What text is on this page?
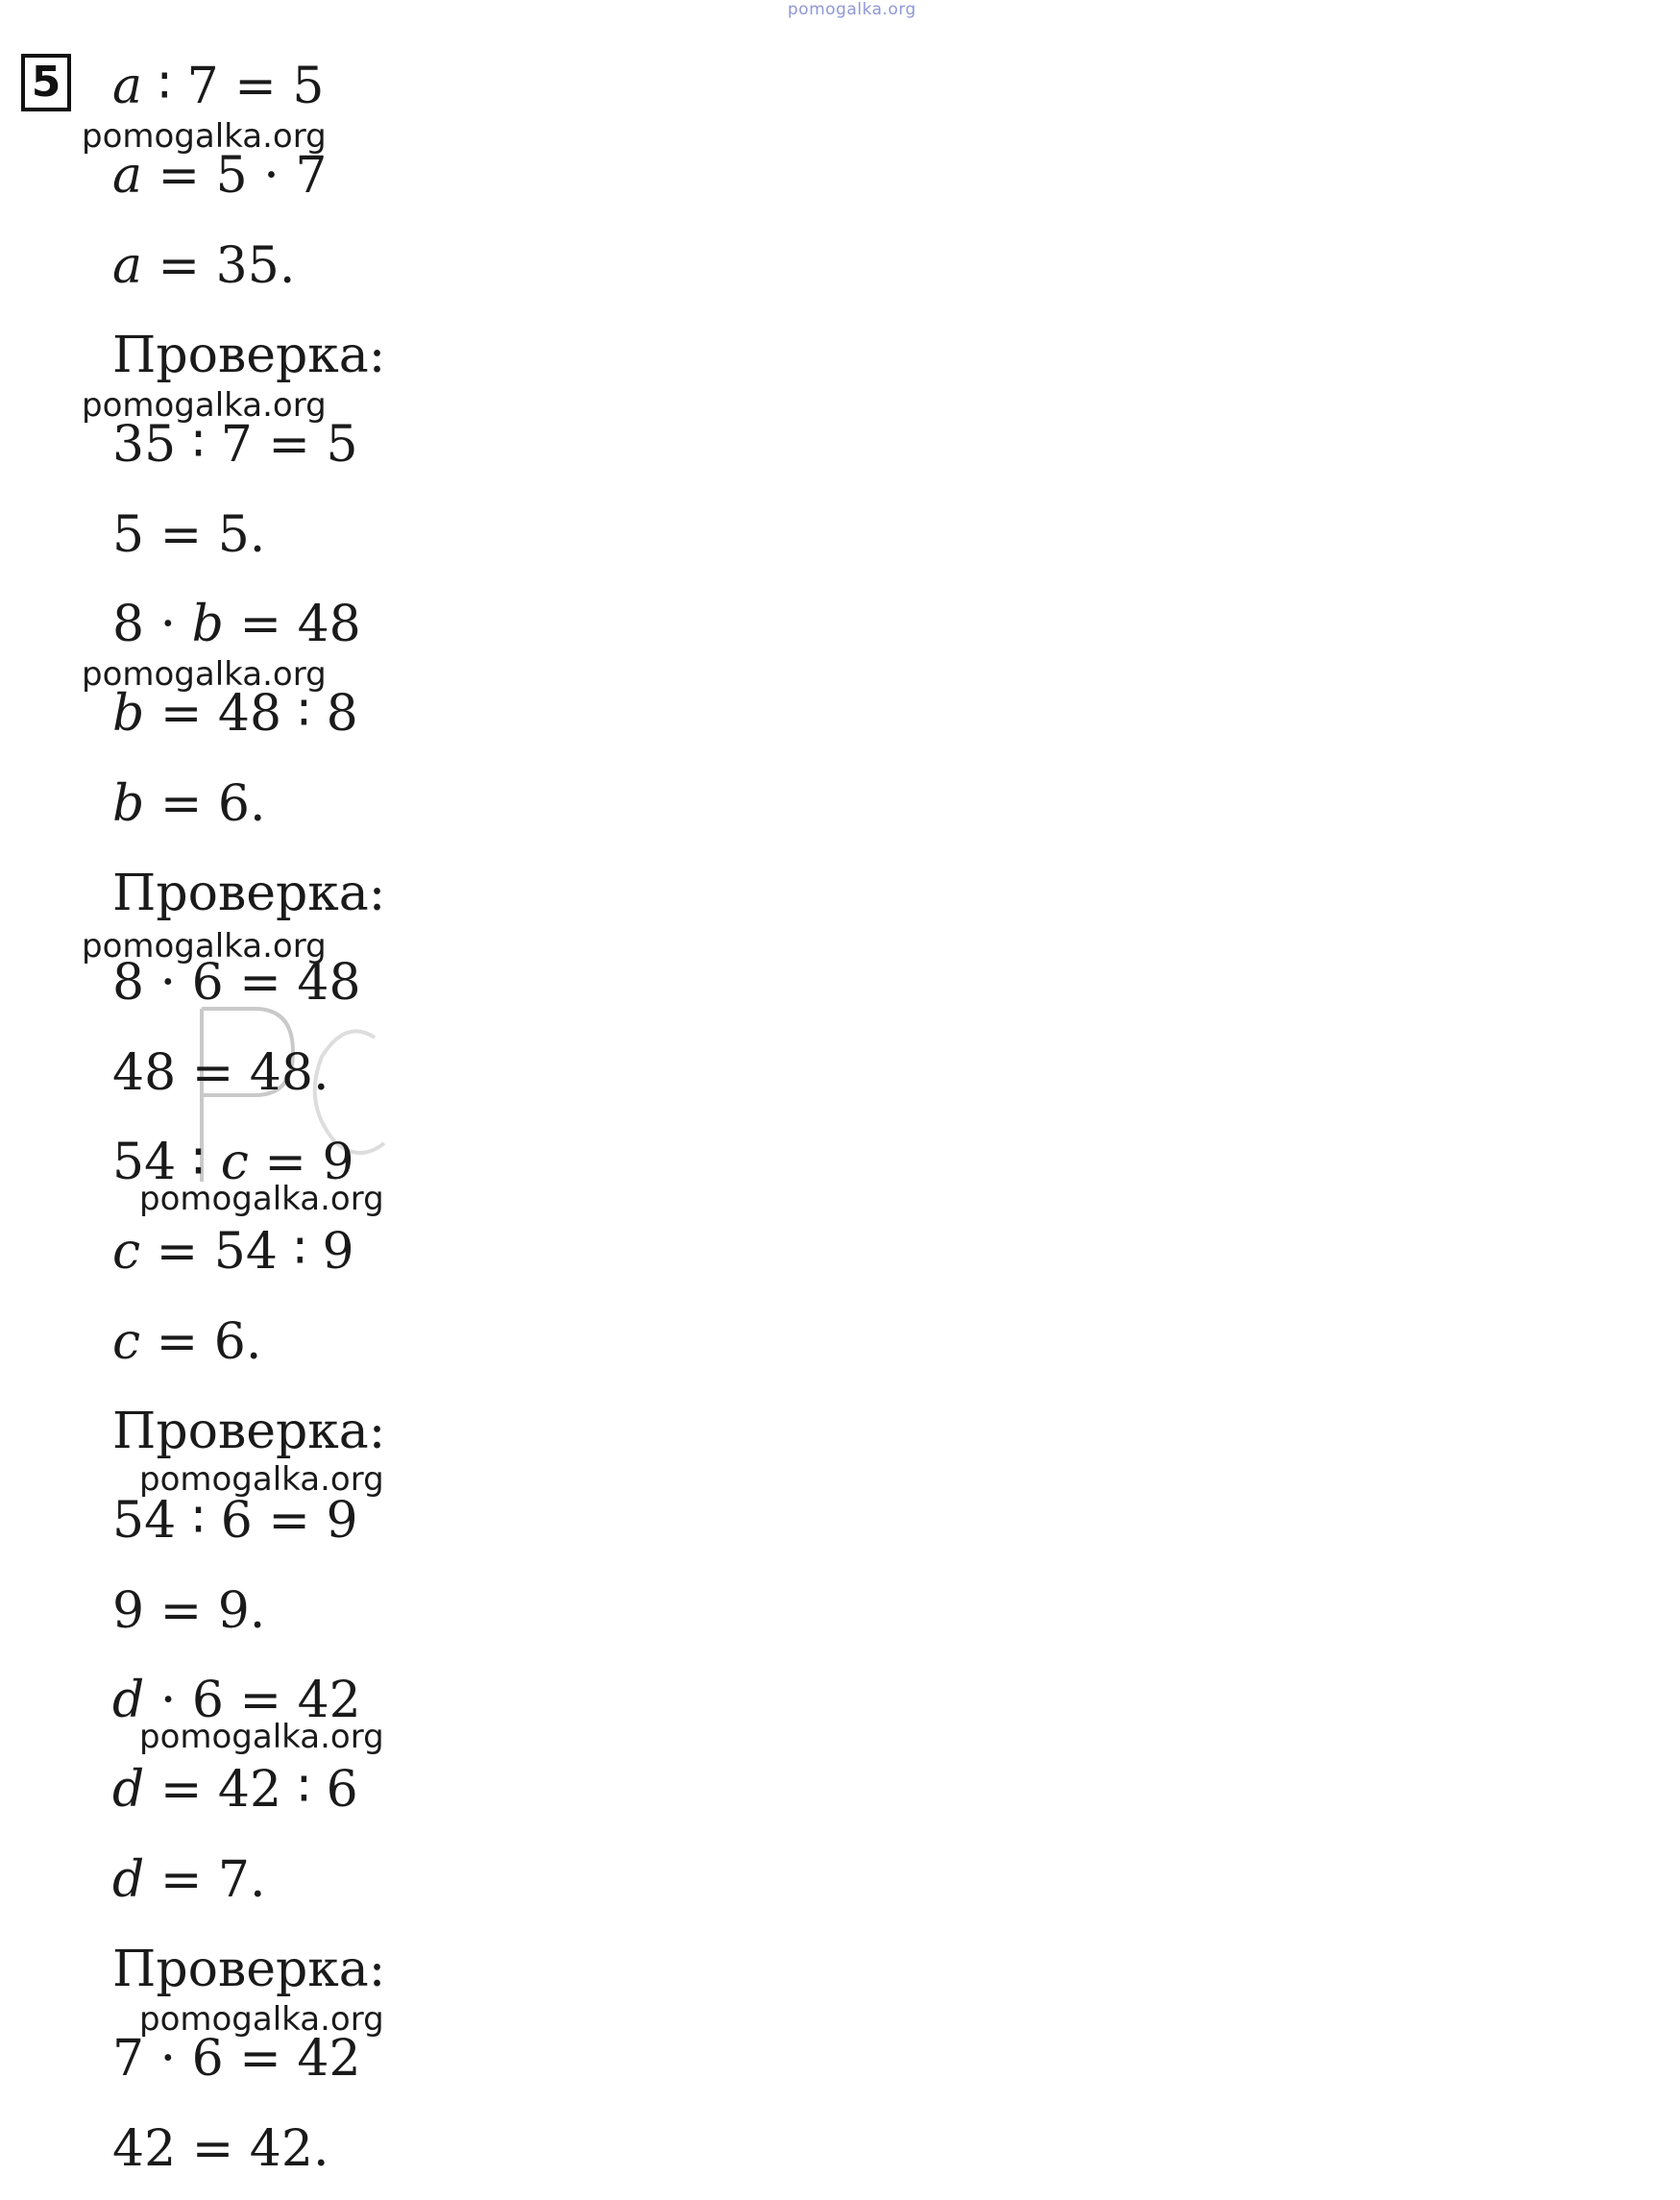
pomogalka.org
5 a ∶ 7 = 5
a = 5 · 7
a = 35.
Проверка:
35 ∶ 7 = 5
5 = 5.
8 · b = 48
b = 48 ∶ 8
b = 6.
Проверка:
8 · 6 = 48
48 = 48.
54 ∶ c = 9
c = 54 ∶ 9
c = 6.
Проверка:
54 ∶ 6 = 9
9 = 9.
d · 6 = 42
d = 42 ∶ 6
d = 7.
Проверка:
7 · 6 = 42
42 = 42.
pomogalka.org
pomogalka.org
pomogalka.org
pomogalka.org
pomogalka.org
pomogalka.org
pomogalka.org
pomogalka.org
